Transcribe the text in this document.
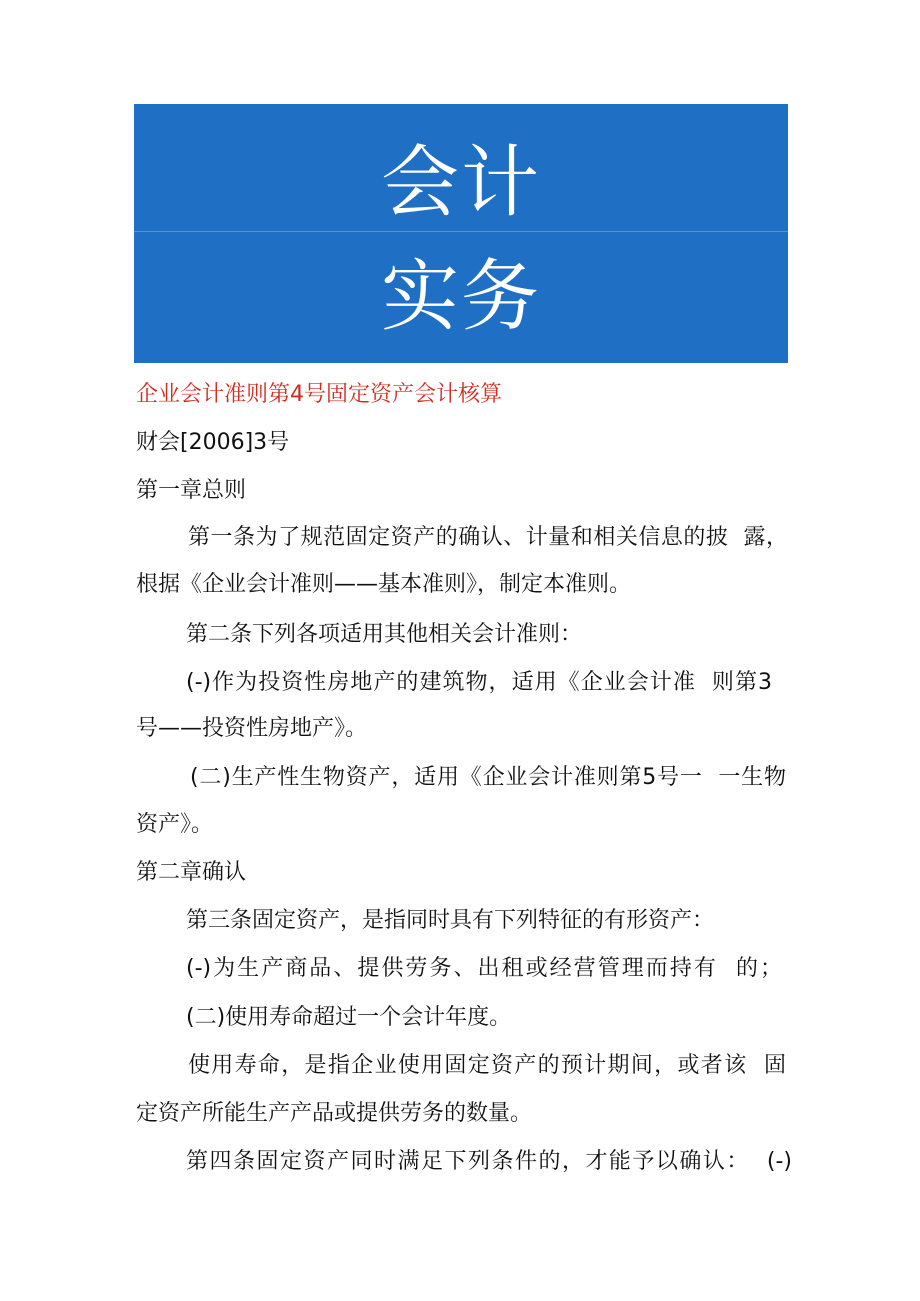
会计
实务
企业会计准则第4号固定资产会计核算
财会[2006]3号
第一章总则
第一条为了规范固定资产的确认、计量和相关信息的披  露，
根据《企业会计准则——基本准则》，制定本准则。
第二条下列各项适用其他相关会计准则：
(-)作为投资性房地产的建筑物，适用《企业会计准  则第3
号——投资性房地产》。
(二)生产性生物资产，适用《企业会计准则第5号一  一生物
资产》。
第二章确认
第三条固定资产，是指同时具有下列特征的有形资产：
(-)为生产商品、提供劳务、出租或经营管理而持有  的；
(二)使用寿命超过一个会计年度。
使用寿命，是指企业使用固定资产的预计期间，或者该  固
定资产所能生产产品或提供劳务的数量。
第四条固定资产同时满足下列条件的，才能予以确认：  (-)
